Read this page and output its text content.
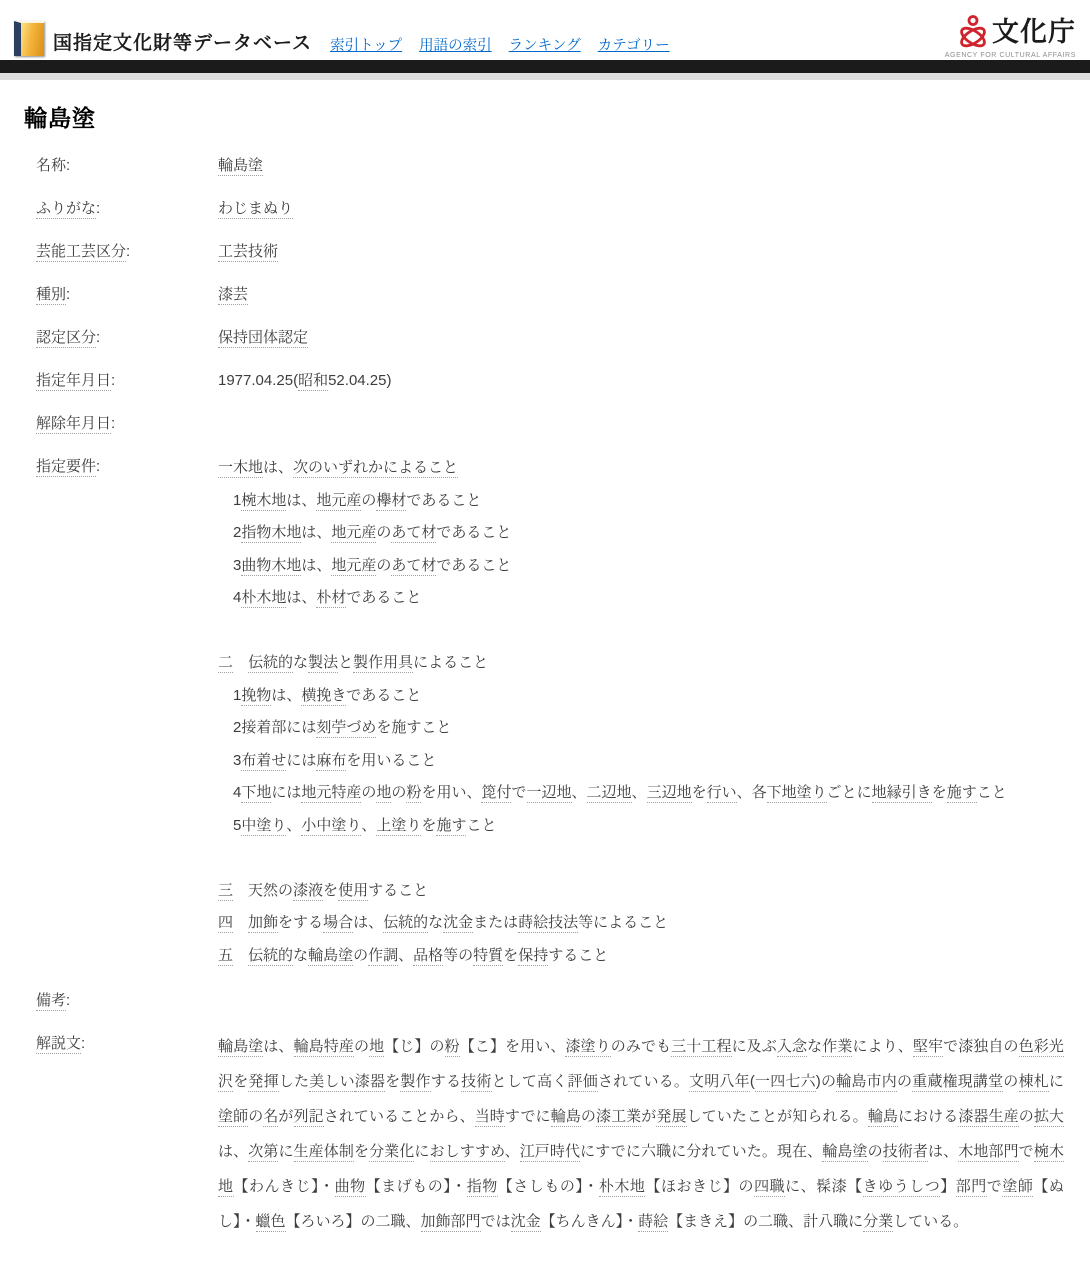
国指定文化財等データベース 索引トップ 用語の索引 ランキング カテゴリー	文化庁
AGENCY FOR CULTURAL AFFAIRS
輪島塗
名称:	輪島塗
ふりがな:	わじまぬり
芸能工芸区分:	工芸技術
種別:	漆芸
認定区分:	保持団体認定
指定年月日:	1977.04.25(昭和52.04.25)
解除年月日:
指定要件:	一木地は、次のいずれかによること
　1椀木地は、地元産の欅材であること
　2指物木地は、地元産のあて材であること
　3曲物木地は、地元産のあて材であること
　4朴木地は、朴材であること

二　 伝統的な製法と製作用具によること
　1挽物は、横挽きであること
　2接着部には刻苧づめを施すこと
　3布着せには麻布を用いること
　4下地には地元特産の地の粉を用い、箆付で一辺地、二辺地、三辺地を行い、各下地塗りごとに地縁引きを施すこと
　5中塗り、小中塗り、上塗りを施すこと

三　天然の漆液を使用すること
四　 加飾をする場合は、伝統的な沈金または蒔絵技法等によること
五　 伝統的な輪島塗の作調、品格等の特質を保持すること
備考:
解説文:	輪島塗は、輪島特産の地【じ】の粉【こ】を用い、漆塗りのみでも三十工程に及ぶ入念な作業により、堅牢で漆独自の色彩光沢を発揮した美しい漆器を製作する技術として高く評価されている。文明八年(一四七六)の輪島市内の重蔵権現講堂の棟札に塗師の名が列記されていることから、当時すでに輪島の漆工業が発展していたことが知られる。輪島における漆器生産の拡大は、次第に生産体制を分業化におしすすめ、江戸時代にすでに六職に分れていた。現在、輪島塗の技術者は、木地部門で椀木地【わんきじ】・曲物【まげもの】・指物【さしもの】・朴木地【ほおきじ】の四職に、髹漆【きゆうしつ】部門で塗師【ぬし】・蠟色【ろいろ】の二職、加飾部門では沈金【ちんきん】・蒔絵【まきえ】の二職、計八職に分業している。
